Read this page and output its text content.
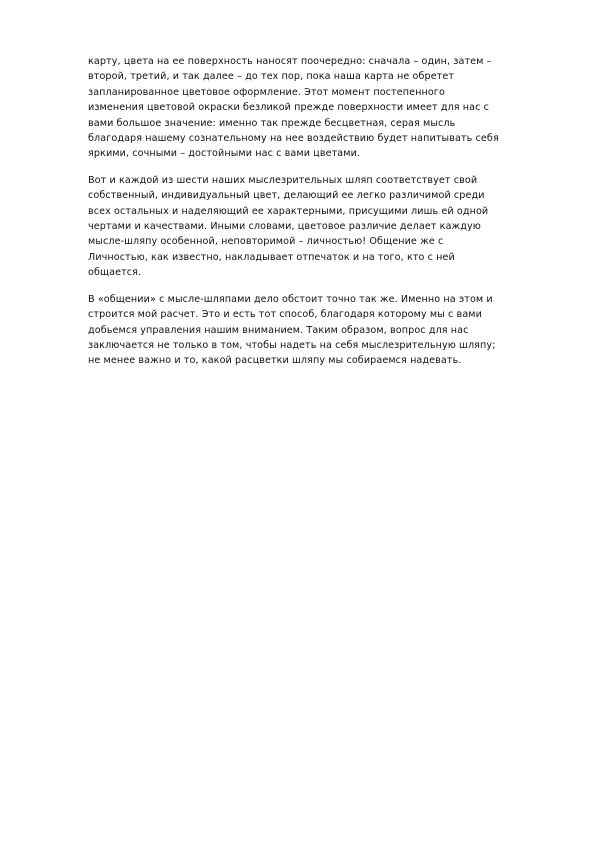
карту, цвета на ее поверхность наносят поочередно: сначала – один, затем –
второй, третий, и так далее – до тех пор, пока наша карта не обретет
запланированное цветовое оформление. Этот момент постепенного
изменения цветовой окраски безликой прежде поверхности имеет для нас с
вами большое значение: именно так прежде бесцветная, серая мысль
благодаря нашему сознательному на нее воздействию будет напитывать себя
яркими, сочными – достойными нас с вами цветами.

Вот и каждой из шести наших мыслезрительных шляп соответствует свой
собственный, индивидуальный цвет, делающий ее легко различимой среди
всех остальных и наделяющий ее характерными, присущими лишь ей одной
чертами и качествами. Иными словами, цветовое различие делает каждую
мысле-шляпу особенной, неповторимой – личностью! Общение же с
Личностью, как известно, накладывает отпечаток и на того, кто с ней
общается.

В «общении» с мысле-шляпами дело обстоит точно так же. Именно на этом и
строится мой расчет. Это и есть тот способ, благодаря которому мы с вами
добьемся управления нашим вниманием. Таким образом, вопрос для нас
заключается не только в том, чтобы надеть на себя мыслезрительную шляпу;
не менее важно и то, какой расцветки шляпу мы собираемся надевать.
